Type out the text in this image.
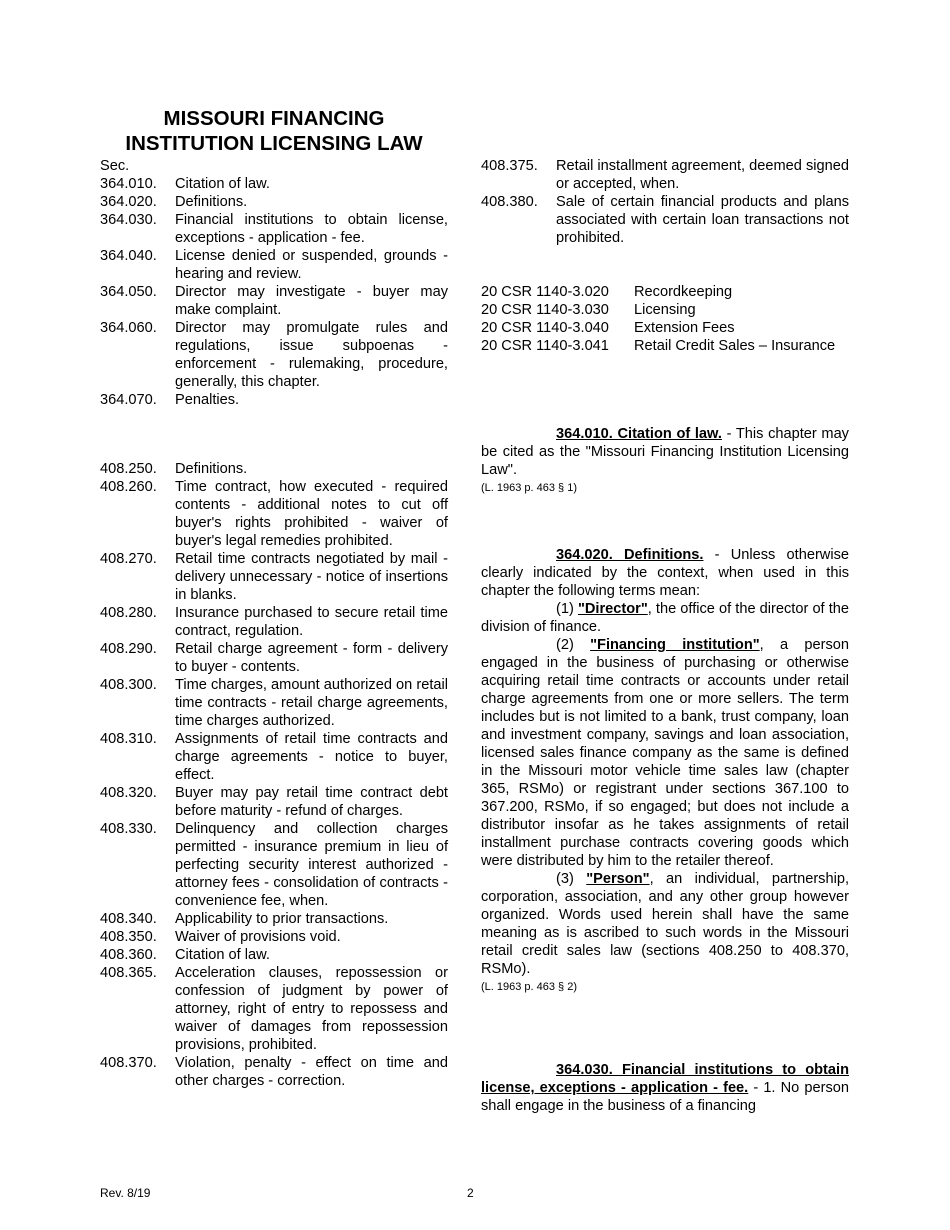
MISSOURI FINANCING
INSTITUTION LICENSING LAW
Sec.
364.010.	Citation of law.
364.020.	Definitions.
364.030.	Financial institutions to obtain license, exceptions - application - fee.
364.040.	License denied or suspended, grounds - hearing and review.
364.050.	Director may investigate - buyer may make complaint.
364.060.	Director may promulgate rules and regulations, issue subpoenas - enforcement - rulemaking, procedure, generally, this chapter.
364.070.	Penalties.
408.250.	Definitions.
408.260.	Time contract, how executed - required contents - additional notes to cut off buyer's rights prohibited - waiver of buyer's legal remedies prohibited.
408.270.	Retail time contracts negotiated by mail - delivery unnecessary - notice of insertions in blanks.
408.280.	Insurance purchased to secure retail time contract, regulation.
408.290.	Retail charge agreement - form - delivery to buyer - contents.
408.300.	Time charges, amount authorized on retail time contracts - retail charge agreements, time charges authorized.
408.310.	Assignments of retail time contracts and charge agreements - notice to buyer, effect.
408.320.	Buyer may pay retail time contract debt before maturity - refund of charges.
408.330.	Delinquency and collection charges permitted - insurance premium in lieu of perfecting security interest authorized - attorney fees - consolidation of contracts - convenience fee, when.
408.340.	Applicability to prior transactions.
408.350.	Waiver of provisions void.
408.360.	Citation of law.
408.365.	Acceleration clauses, repossession or confession of judgment by power of attorney, right of entry to repossess and waiver of damages from repossession provisions, prohibited.
408.370.	Violation, penalty - effect on time and other charges - correction.
408.375.	Retail installment agreement, deemed signed or accepted, when.
408.380.	Sale of certain financial products and plans associated with certain loan transactions not prohibited.
20 CSR 1140-3.020	Recordkeeping
20 CSR 1140-3.030	Licensing
20 CSR 1140-3.040	Extension Fees
20 CSR 1140-3.041	Retail Credit Sales – Insurance

364.010. Citation of law. - This chapter may be cited as the "Missouri Financing Institution Licensing Law".

(L. 1963 p. 463 § 1)

364.020. Definitions. - Unless otherwise clearly indicated by the context, when used in this chapter the following terms mean:

(1) "Director", the office of the director of the division of finance.

(2) "Financing institution", a person engaged in the business of purchasing or otherwise acquiring retail time contracts or accounts under retail charge agreements from one or more sellers. The term includes but is not limited to a bank, trust company, loan and investment company, savings and loan association, licensed sales finance company as the same is defined in the Missouri motor vehicle time sales law (chapter 365, RSMo) or registrant under sections 367.100 to 367.200, RSMo, if so engaged; but does not include a distributor insofar as he takes assignments of retail installment purchase contracts covering goods which were distributed by him to the retailer thereof.

(3) "Person", an individual, partnership, corporation, association, and any other group however organized. Words used herein shall have the same meaning as is ascribed to such words in the Missouri retail credit sales law (sections 408.250 to 408.370, RSMo).

(L. 1963 p. 463 § 2)

364.030. Financial institutions to obtain license, exceptions - application - fee. - 1. No person shall engage in the business of a financing

Rev. 8/19	2
